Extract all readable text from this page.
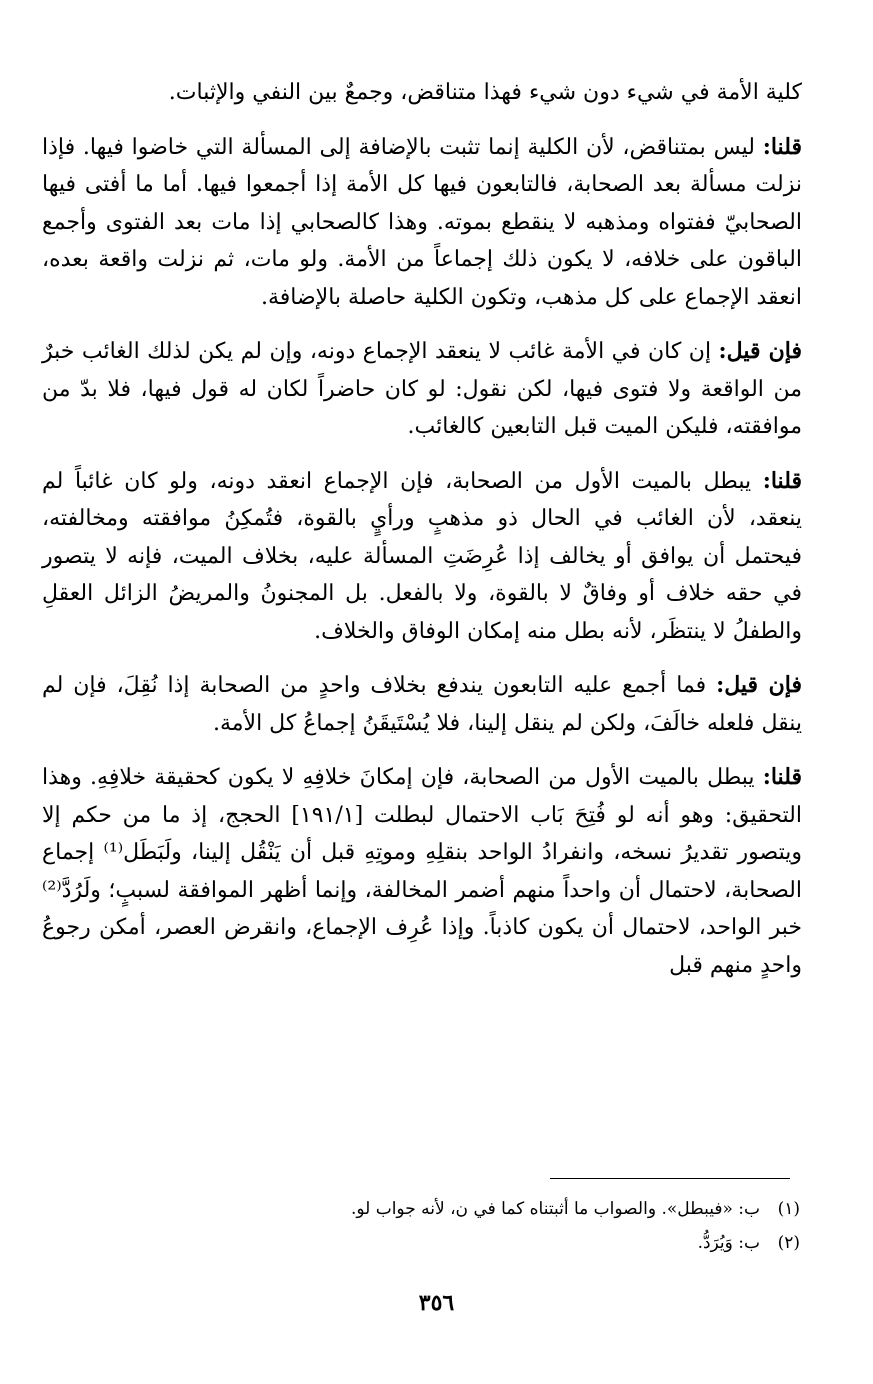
كلية الأمة في شيء دون شيء فهذا متناقض، وجمعٌ بين النفي والإثبات.

قلنا: ليس بمتناقض، لأن الكلية إنما تثبت بالإضافة إلى المسألة التي خاضوا فيها. فإذا نزلت مسألة بعد الصحابة، فالتابعون فيها كل الأمة إذا أجمعوا فيها. أما ما أفتى فيها الصحابيّ ففتواه ومذهبه لا ينقطع بموته. وهذا كالصحابي إذا مات بعد الفتوى وأجمع الباقون على خلافه، لا يكون ذلك إجماعاً من الأمة. ولو مات، ثم نزلت واقعة بعده، انعقد الإجماع على كل مذهب، وتكون الكلية حاصلة بالإضافة.

فإن قيل: إن كان في الأمة غائب لا ينعقد الإجماع دونه، وإن لم يكن لذلك الغائب خبرٌ من الواقعة ولا فتوى فيها، لكن نقول: لو كان حاضراً لكان له قول فيها، فلا بدّ من موافقته، فليكن الميت قبل التابعين كالغائب.

قلنا: يبطل بالميت الأول من الصحابة، فإن الإجماع انعقد دونه، ولو كان غائباً لم ينعقد، لأن الغائب في الحال ذو مذهبٍ ورأيٍ بالقوة، فتُمكِنُ موافقته ومخالفته، فيحتمل أن يوافق أو يخالف إذا عُرِضَتِ المسألة عليه، بخلاف الميت، فإنه لا يتصور في حقه خلاف أو وفاقٌ لا بالقوة، ولا بالفعل. بل المجنونُ والمريضُ الزائل العقلِ والطفلُ لا ينتظَر، لأنه بطل منه إمكان الوفاق والخلاف.

فإن قيل: فما أجمع عليه التابعون يندفع بخلاف واحدٍ من الصحابة إذا نُقِلَ، فإن لم ينقل فلعله خالَفَ، ولكن لم ينقل إلينا، فلا يُسْتَيقَنُ إجماعُ كل الأمة.

قلنا: يبطل بالميت الأول من الصحابة، فإن إمكانَ خلافِهِ لا يكون كحقيقة خلافِهِ. وهذا التحقيق: وهو أنه لو فُتِحَ بَاب الاحتمال لبطلت [١٩١/١] الحجج، إذ ما من حكم إلا ويتصور تقديرُ نسخه، وانفرادُ الواحد بنقلِهِ وموتِهِ قبل أن يَنْقُل إلينا، ولَبَطَل⁽¹⁾ إجماع الصحابة، لاحتمال أن واحداً منهم أضمر المخالفة، وإنما أظهر الموافقة لسببٍ؛ ولَرُدَّ⁽²⁾ خبر الواحد، لاحتمال أن يكون كاذباً. وإذا عُرِف الإجماع، وانقرض العصر، أمكن رجوعُ واحدٍ منهم قبل

(١)
ب: «فيبطل». والصواب ما أثبتناه كما في ن، لأنه جواب لو.
(٢)
ب: وَيُرَدُّ.
٣٥٦
